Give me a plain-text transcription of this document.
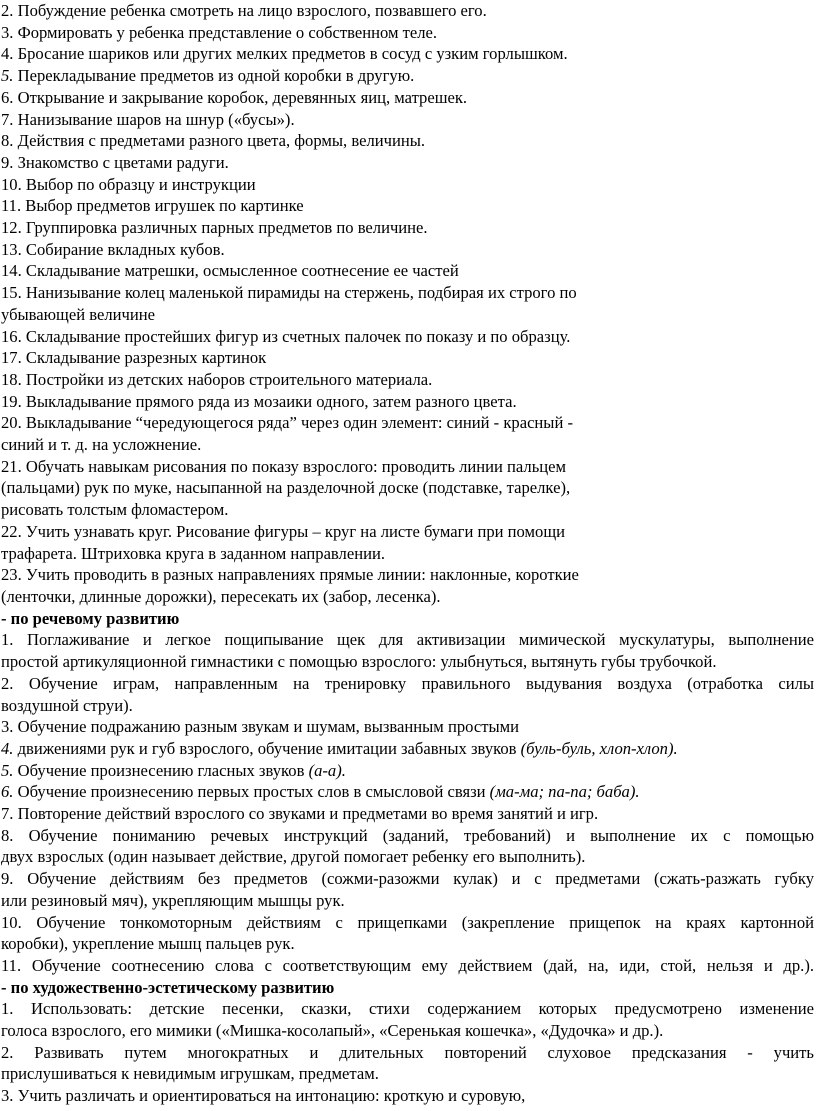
2. Побуждение ребенка смотреть на лицо взрослого, позвавшего его.
3. Формировать у ребенка представление о собственном теле.
4. Бросание шариков или других мелких предметов в сосуд с узким горлышком.
5. Перекладывание предметов из одной коробки в другую.
6. Открывание и закрывание коробок, деревянных яиц, матрешек.
7. Нанизывание шаров на шнур («бусы»).
8. Действия с предметами разного цвета, формы, величины.
9. Знакомство с цветами радуги.
10. Выбор по образцу и инструкции
11. Выбор предметов игрушек по картинке
12. Группировка различных парных предметов по величине.
13. Собирание вкладных кубов.
14. Складывание матрешки, осмысленное соотнесение ее частей
15. Нанизывание колец маленькой пирамиды на стержень, подбирая их строго по
убывающей величине
16. Складывание простейших фигур из счетных палочек по показу и по образцу.
17. Складывание разрезных картинок
18. Постройки из детских наборов строительного материала.
19. Выкладывание прямого ряда из мозаики одного, затем разного цвета.
20. Выкладывание “чередующегося ряда” через один элемент: синий - красный -
синий и т. д. на усложнение.
21. Обучать навыкам рисования по показу взрослого: проводить линии пальцем
(пальцами) рук по муке, насыпанной на разделочной доске (подставке, тарелке),
рисовать толстым фломастером.
22. Учить узнавать круг. Рисование фигуры – круг на листе бумаги при помощи
трафарета. Штриховка круга в заданном направлении.
23. Учить проводить в разных направлениях прямые линии: наклонные, короткие
(ленточки, длинные дорожки), пересекать их (забор, лесенка).
- по речевому развитию
1. Поглаживание и легкое пощипывание щек для активизации мимической мускулатуры, выполнение
простой артикуляционной гимнастики с помощью взрослого: улыбнуться, вытянуть губы трубочкой.
2. Обучение играм, направленным на тренировку правильного выдувания воздуха (отработка силы
воздушной струи).
3. Обучение подражанию разным звукам и шумам, вызванным простыми
4. движениями рук и губ взрослого, обучение имитации забавных звуков (буль-буль, хлоп-хлоп).
5. Обучение произнесению гласных звуков (а-а).
6. Обучение произнесению первых простых слов в смысловой связи (ма-ма; па-па; баба).
7. Повторение действий взрослого со звуками и предметами во время занятий и игр.
8. Обучение пониманию речевых инструкций (заданий, требований) и выполнение их с помощью
двух взрослых (один называет действие, другой помогает ребенку его выполнить).
9. Обучение действиям без предметов (сожми-разожми кулак) и с предметами (сжать-разжать губку
или резиновый мяч), укрепляющим мышцы рук.
10. Обучение тонкомоторным действиям с прищепками (закрепление прищепок на краях картонной
коробки), укрепление мышц пальцев рук.
11. Обучение соотнесению слова с соответствующим ему действием (дай, на, иди, стой, нельзя и др.).
- по художественно-эстетическому развитию
1. Использовать: детские песенки, сказки, стихи содержанием которых предусмотрено изменение
голоса взрослого, его мимики («Мишка-косолапый», «Серенькая кошечка», «Дудочка» и др.).
2. Развивать путем многократных и длительных повторений слуховое предсказания - учить
прислушиваться к невидимым игрушкам, предметам.
3. Учить различать и ориентироваться на интонацию: кроткую и суровую,
